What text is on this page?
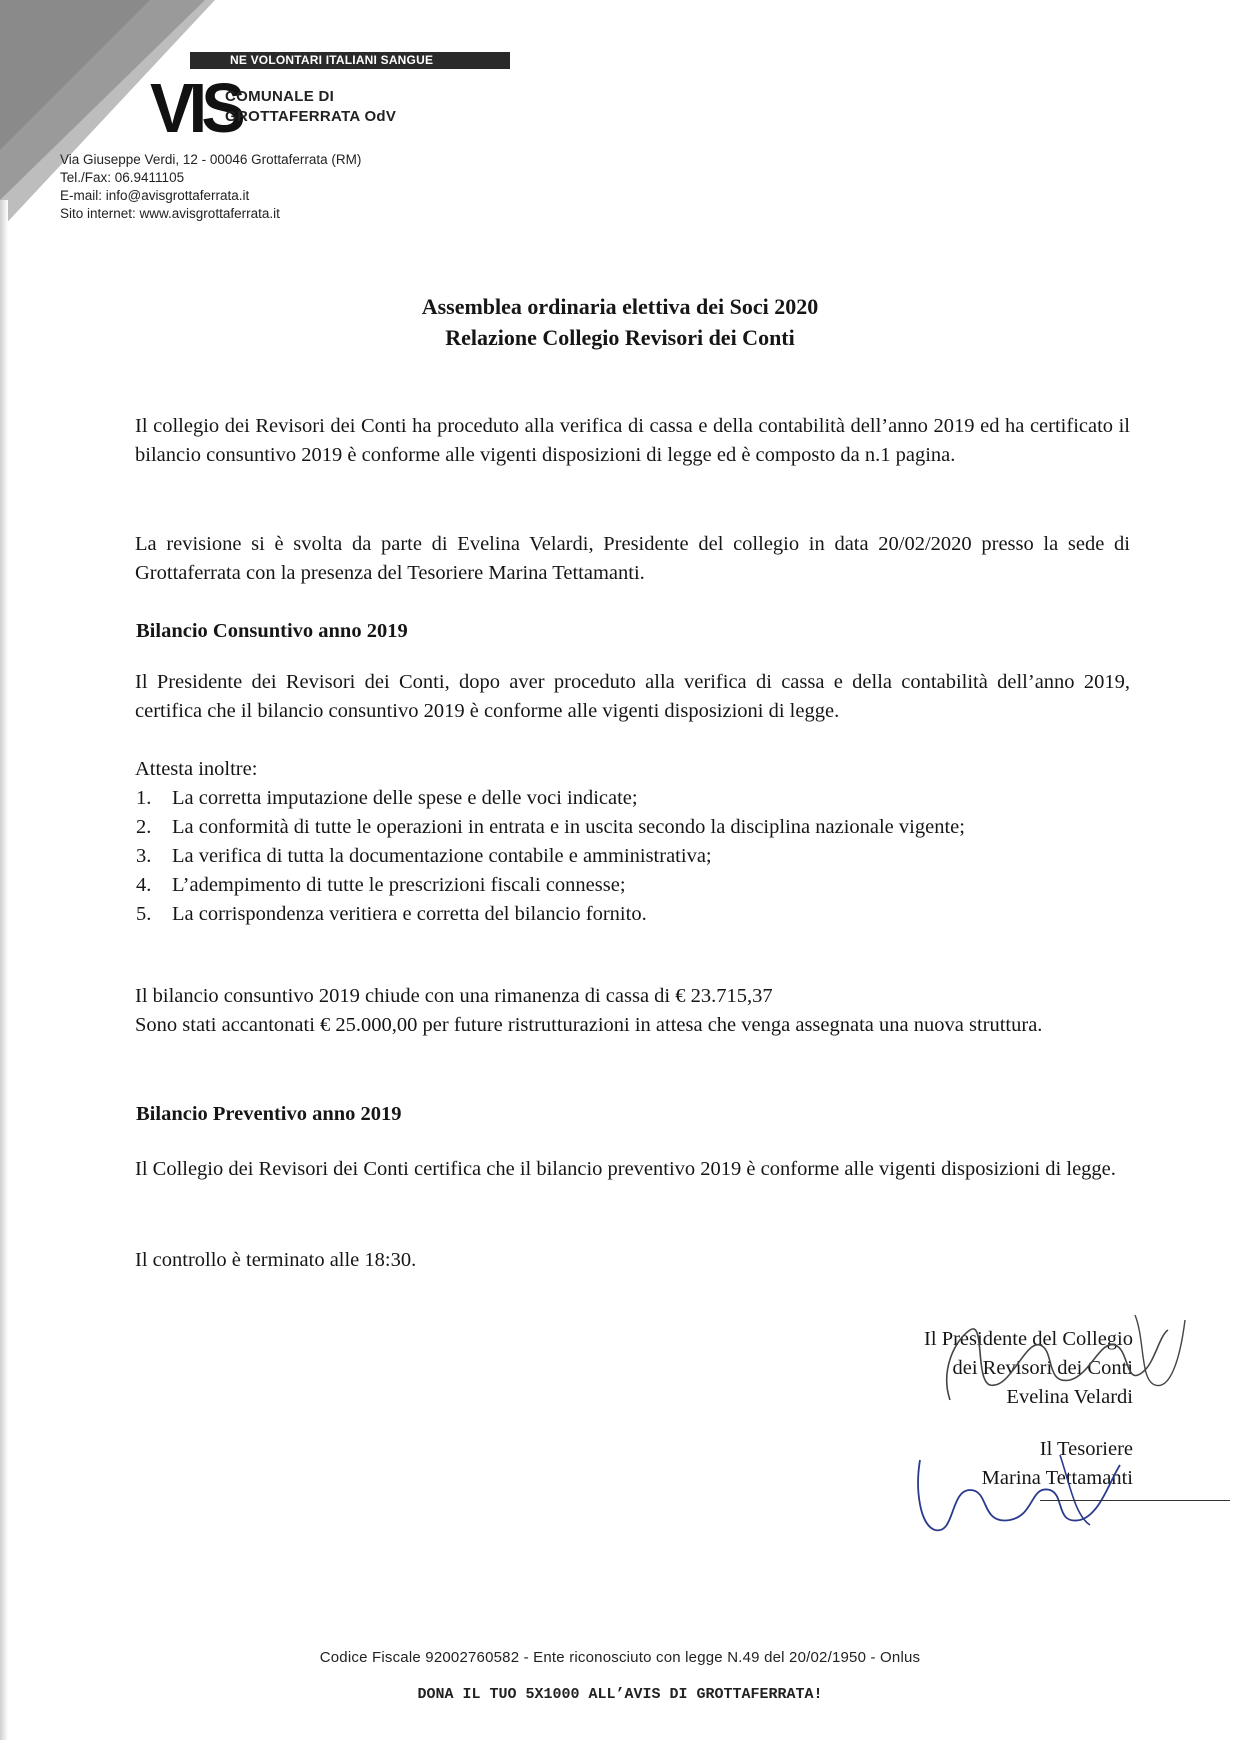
NE VOLONTARI ITALIANI SANGUE
VIS
COMUNALE DI
GROTTAFERRATA OdV
Via Giuseppe Verdi, 12 - 00046 Grottaferrata (RM)
Tel./Fax: 06.9411105
E-mail: info@avisgrottaferrata.it
Sito internet: www.avisgrottaferrata.it
Assemblea ordinaria elettiva dei Soci 2020
Relazione Collegio Revisori dei Conti
Il collegio dei Revisori dei Conti ha proceduto alla verifica di cassa e della contabilità dell’anno 2019 ed ha certificato il bilancio consuntivo 2019 è conforme alle vigenti disposizioni di legge ed è composto da n.1 pagina.
La revisione si è svolta da parte di Evelina Velardi, Presidente del collegio in data 20/02/2020 presso la sede di Grottaferrata con la presenza del Tesoriere Marina Tettamanti.
Bilancio Consuntivo anno 2019
Il Presidente dei Revisori dei Conti, dopo aver proceduto alla verifica di cassa e della contabilità dell’anno 2019, certifica che il bilancio consuntivo 2019 è conforme alle vigenti disposizioni di legge.
Attesta inoltre:
1.	La corretta imputazione delle spese e delle voci indicate;
2.	La conformità di tutte le operazioni in entrata e in uscita secondo la disciplina nazionale vigente;
3.	La verifica di tutta la documentazione contabile e amministrativa;
4.	L’adempimento di tutte le prescrizioni fiscali connesse;
5.	La corrispondenza veritiera e corretta del bilancio fornito.
Il bilancio consuntivo 2019 chiude con una rimanenza di cassa di € 23.715,37
Sono stati accantonati € 25.000,00 per future ristrutturazioni in attesa che venga assegnata una nuova struttura.
Bilancio Preventivo anno 2019
Il Collegio dei Revisori dei Conti certifica che il bilancio preventivo 2019 è conforme alle vigenti disposizioni di legge.
Il controllo è terminato alle 18:30.
Il Presidente del Collegio
dei Revisori dei Conti
Evelina Velardi
Il Tesoriere
Marina Tettamanti
Codice Fiscale 92002760582 - Ente riconosciuto con legge N.49 del 20/02/1950 - Onlus
DONA IL TUO 5X1000 ALL’AVIS DI GROTTAFERRATA!
